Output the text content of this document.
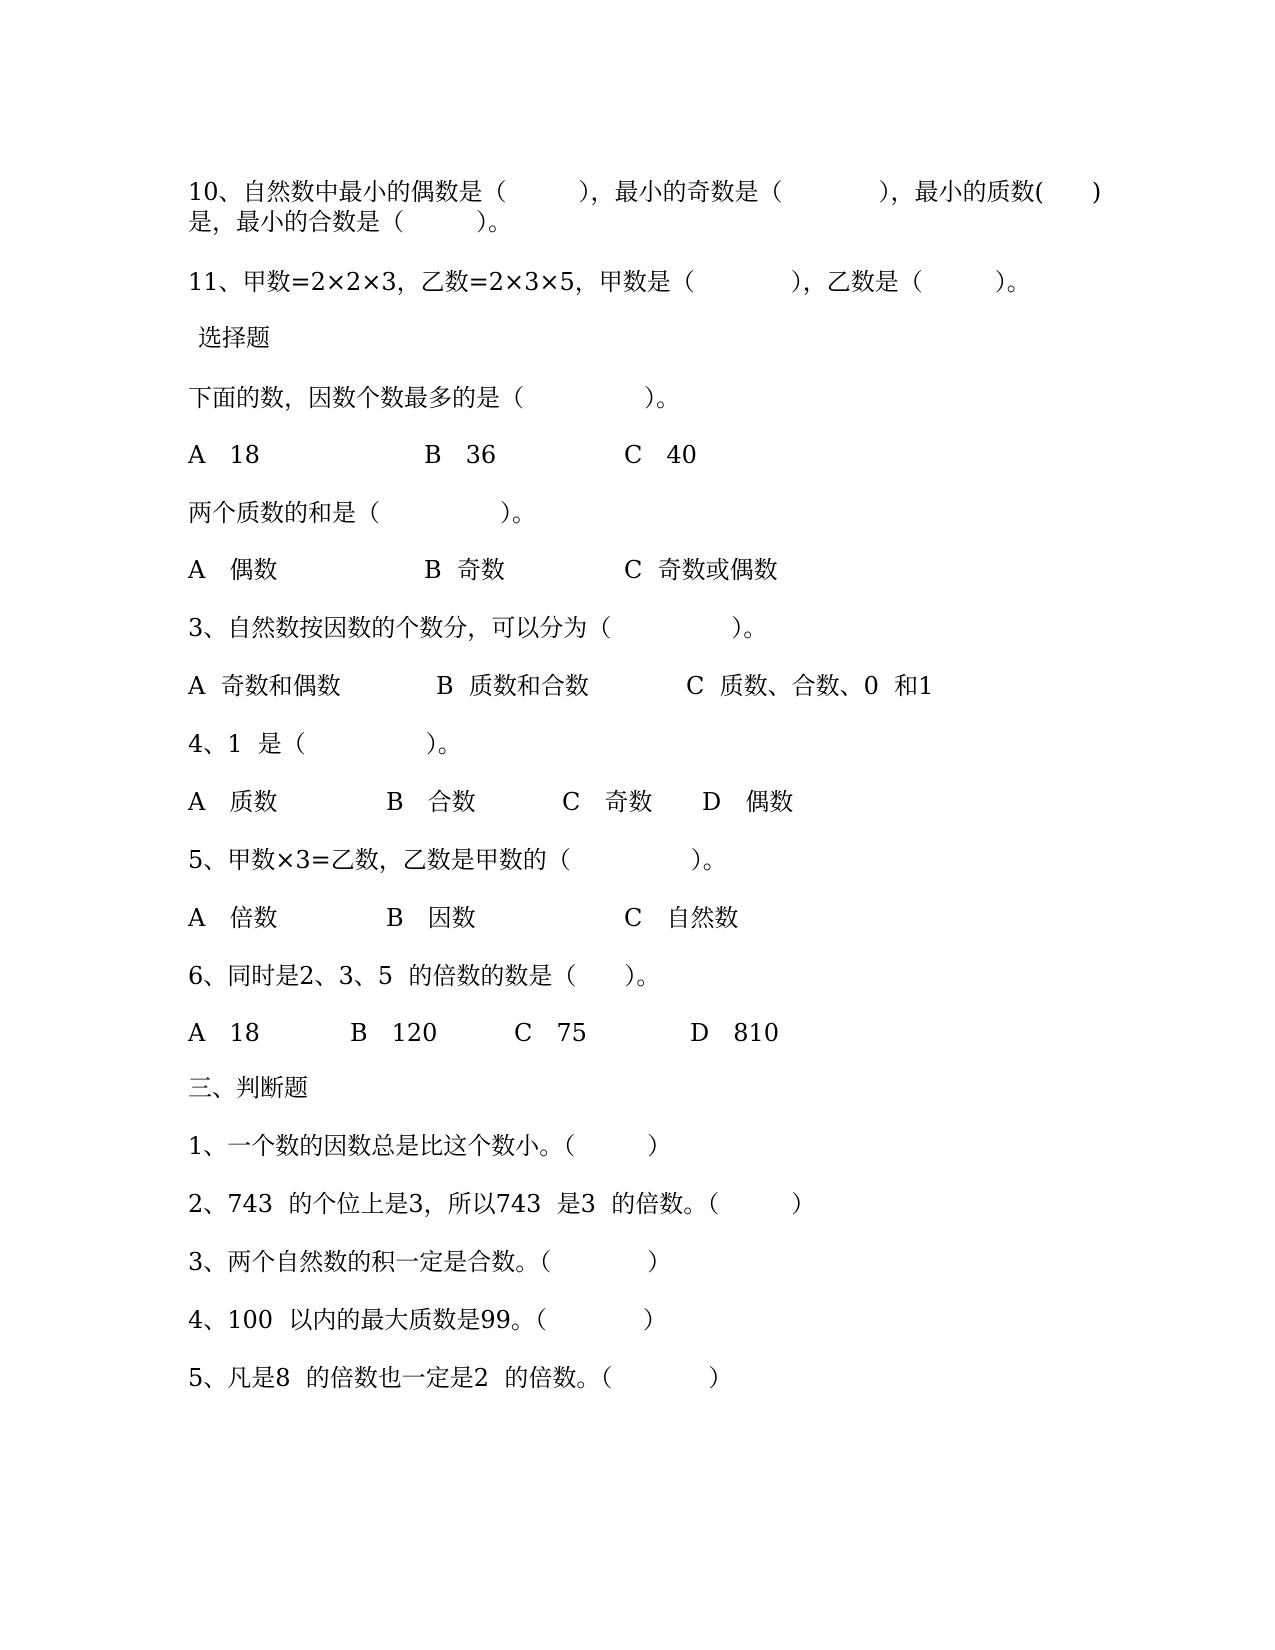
10、自然数中最小的偶数是（　　　），最小的奇数是（　　　　），最小的质数(　　)
是，最小的合数是（　　　）。
11、甲数=2×2×3，乙数=2×3×5，甲数是（　　　　），乙数是（　　　）。
选择题
下面的数，因数个数最多的是（　　　　　）。
A　18	B　36	C　40
两个质数的和是（　　　　　）。
A　偶数	B  奇数	C  奇数或偶数
3、自然数按因数的个数分，可以分为（　　　　　）。
A  奇数和偶数	B  质数和合数	C  质数、合数、0  和1
4、1  是（　　　　　）。
A　质数	B　合数	C　奇数 D　偶数
5、甲数×3=乙数，乙数是甲数的（　　　　　）。
A　倍数	B　因数	C　自然数
6、同时是2、3、5  的倍数的数是（　　）。
A　18	B　120	C　75	D　810
三、判断题
1、一个数的因数总是比这个数小。（　　　）
2、743  的个位上是3，所以743  是3  的倍数。（　　　）
3、两个自然数的积一定是合数。（　　　　）
4、100  以内的最大质数是99。（　　　　）
5、凡是8  的倍数也一定是2  的倍数。（　　　　）
